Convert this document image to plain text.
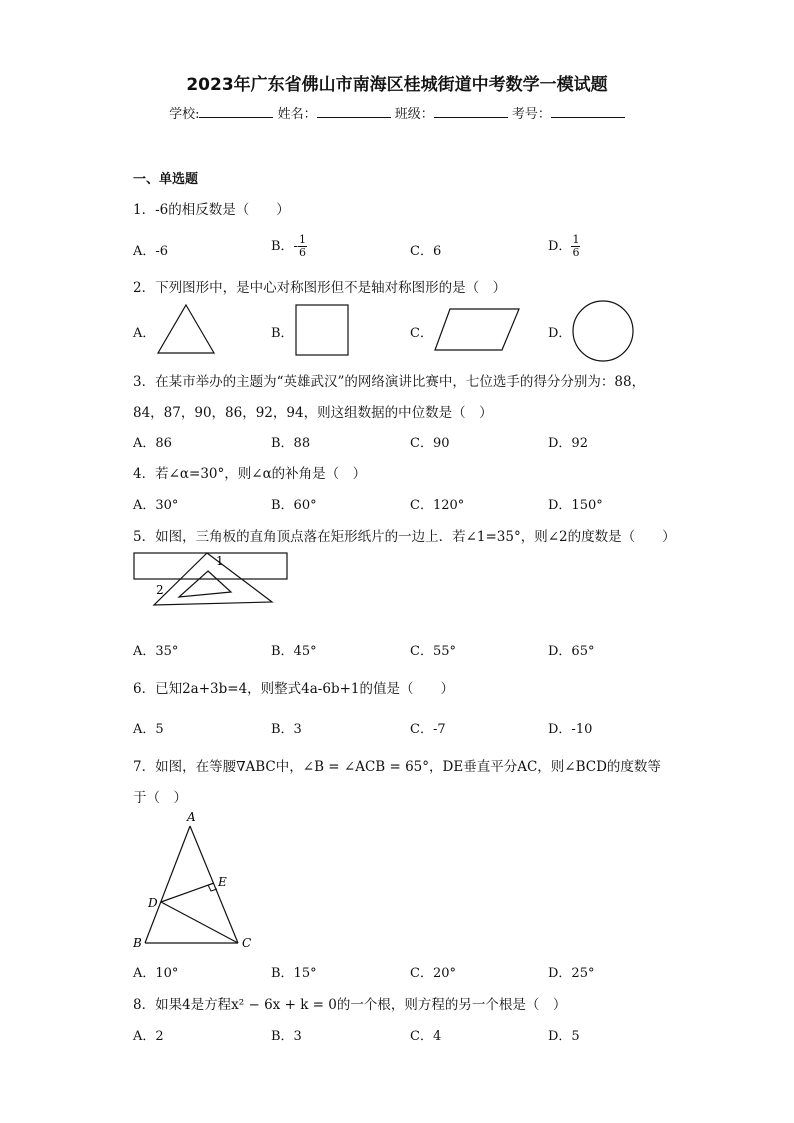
2023年广东省佛山市南海区桂城街道中考数学一模试题
学校:	姓名：	班级：	考号：
一、单选题
1．-6的相反数是（　　）
A．-6	B．- $\frac{1}{6}$	C．6	D． $\frac{1}{6}$
2．下列图形中，是中心对称图形但不是轴对称图形的是（　）
A．	B．	C．	D．
3．在某市举办的主题为“英雄武汉”的网络演讲比赛中，七位选手的得分分别为：88，
84，87，90，86，92，94，则这组数据的中位数是（　）
A．86	B．88	C．90	D．92
4．若∠α=30°，则∠α的补角是（　）
A．30°	B．60°	C．120°	D．150°
5．如图，三角板的直角顶点落在矩形纸片的一边上．若∠1=35°，则∠2的度数是（　　）
1
2
A．35°	B．45°	C．55°	D．65°
6．已知2a+3b=4，则整式4a-6b+1的值是（　　）
A．5	B．3	C．-7	D．-10
7．如图，在等腰∇ABC中，∠B = ∠ACB = 65°，DE垂直平分AC，则∠BCD的度数等
于（　）
A
B	C
D
E
A．10°	B．15°	C．20°	D．25°
8．如果4是方程x² − 6x + k = 0的一个根，则方程的另一个根是（　）
A．2	B．3	C．4	D．5
